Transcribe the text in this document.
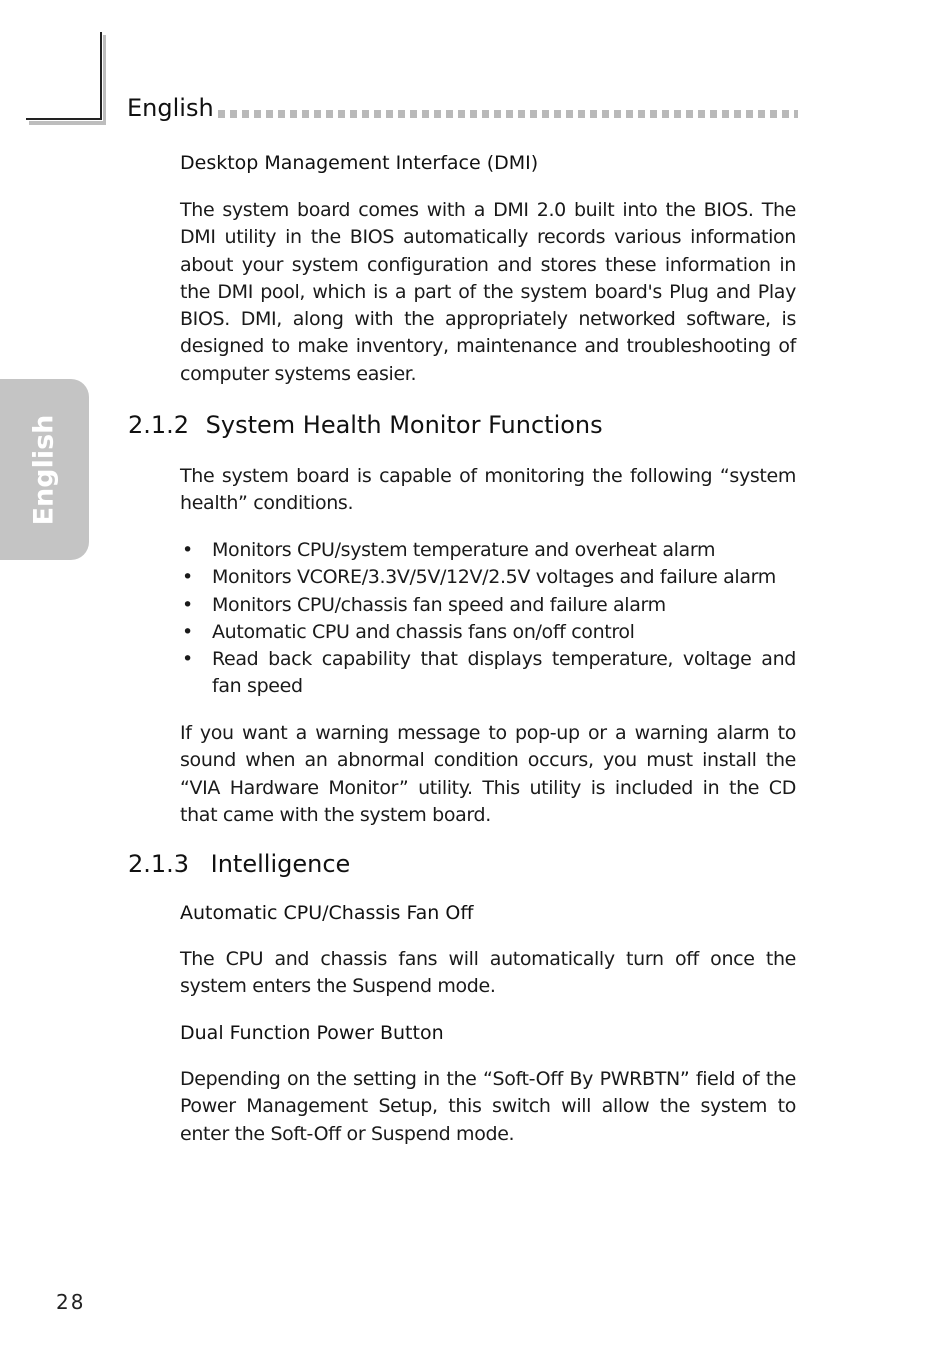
English
English
Desktop Management Interface (DMI)

The system board comes with a DMI 2.0 built into the BIOS. The DMI utility in the BIOS automatically records various information about your system configuration and stores these information in the DMI pool, which is a part of the system board's Plug and Play BIOS. DMI, along with the appropriately networked software, is designed to make inventory, maintenance and troubleshooting of computer systems easier.

2.1.2 System Health Monitor Functions

The system board is capable of monitoring the following “system health” conditions.

• Monitors CPU/system temperature and overheat alarm
• Monitors VCORE/3.3V/5V/12V/2.5V voltages and failure alarm
• Monitors CPU/chassis fan speed and failure alarm
• Automatic CPU and chassis fans on/off control
• Read back capability that displays temperature, voltage and fan speed

If you want a warning message to pop-up or a warning alarm to sound when an abnormal condition occurs, you must install the “VIA Hardware Monitor” utility. This utility is included in the CD that came with the system board.

2.1.3 Intelligence
Automatic CPU/Chassis Fan Off

The CPU and chassis fans will automatically turn off once the system enters the Suspend mode.

Dual Function Power Button

Depending on the setting in the “Soft-Off By PWRBTN” field of the Power Management Setup, this switch will allow the system to enter the Soft-Off or Suspend mode.

28
